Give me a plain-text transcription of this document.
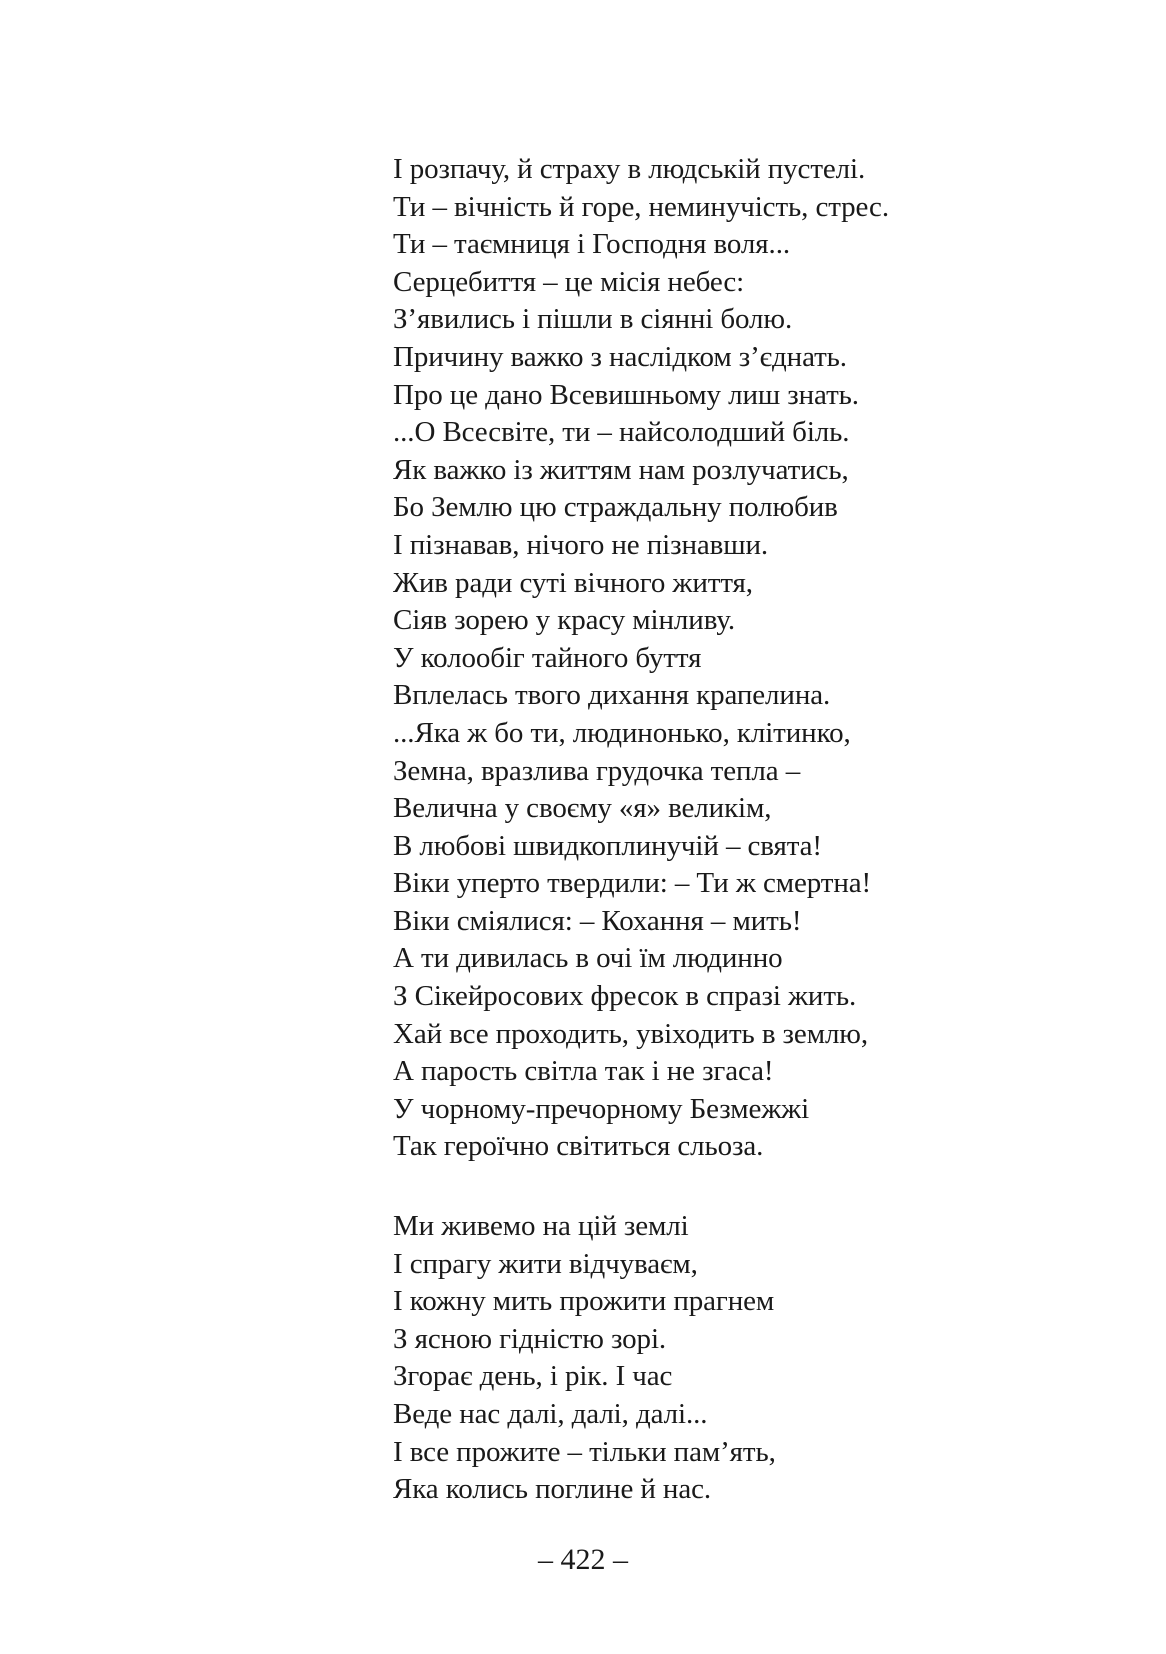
І розпачу, й страху в людській пустелі.
Ти – вічність й горе, неминучість, стрес.
Ти – таємниця і Господня воля...
Серцебиття – це місія небес:
З’явились і пішли в сіянні болю.
Причину важко з наслідком з’єднать.
Про це дано Всевишньому лиш знать.
...О Всесвіте, ти – найсолодший біль.
Як важко із життям нам розлучатись,
Бо Землю цю страждальну полюбив
І пізнавав, нічого не пізнавши.
Жив ради суті вічного життя,
Сіяв зорею у красу мінливу.
У колообіг тайного буття
Вплелась твого дихання крапелина.
...Яка ж бо ти, людинонько, клітинко,
Земна, вразлива грудочка тепла –
Велична у своєму «я» великім,
В любові швидкоплинучій – свята!
Віки уперто твердили: – Ти ж смертна!
Віки сміялися: – Кохання – мить!
А ти дивилась в очі їм людинно
З Сікейросових фресок в спразі жить.
Хай все проходить, увіходить в землю,
А парость світла так і не згаса!
У чорному-пречорному Безмежжі
Так героїчно світиться сльоза.
Ми живемо на цій землі
І спрагу жити відчуваєм,
І кожну мить прожити прагнем
З ясною гідністю зорі.
Згорає день, і рік. І час
Веде нас далі, далі, далі...
І все прожите – тільки пам’ять,
Яка колись поглине й нас.
– 422 –
